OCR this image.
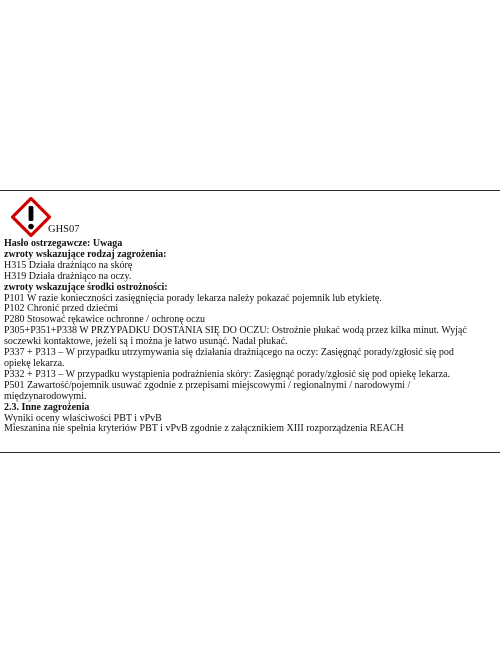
GHS07
Hasło ostrzegawcze: Uwaga
zwroty wskazujące rodzaj zagrożenia:
H315 Działa drażniąco na skórę
H319 Działa drażniąco na oczy.
zwroty wskazujące środki ostrożności:
P101 W razie konieczności zasięgnięcia porady lekarza należy pokazać pojemnik lub etykietę.
P102 Chronić przed dziećmi
P280 Stosować rękawice ochronne / ochronę oczu
P305+P351+P338 W PRZYPADKU DOSTANIA SIĘ DO OCZU: Ostrożnie płukać wodą przez kilka minut. Wyjąć
soczewki kontaktowe, jeżeli są i można je łatwo usunąć. Nadal płukać.
P337 + P313 – W przypadku utrzymywania się działania drażniącego na oczy: Zasięgnąć porady/zgłosić się pod
opiekę lekarza.
P332 + P313 – W przypadku wystąpienia podrażnienia skóry: Zasięgnąć porady/zgłosić się pod opiekę lekarza.
P501 Zawartość/pojemnik usuwać zgodnie z przepisami miejscowymi / regionalnymi / narodowymi /
międzynarodowymi.
2.3. Inne zagrożenia
Wyniki oceny właściwości PBT i vPvB
Mieszanina nie spełnia kryteriów PBT i vPvB zgodnie z załącznikiem XIII rozporządzenia REACH
